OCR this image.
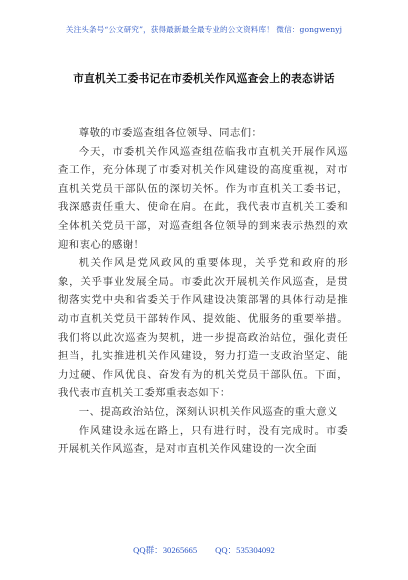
关注头条号“公文研究”，获得最新最全最专业的公文资料库！ 微信：gongwenyj
市直机关工委书记在市委机关作风巡查会上的表态讲话

尊敬的市委巡查组各位领导、同志们：

今天，市委机关作风巡查组莅临我市直机关开展作风巡查工作，充分体现了市委对机关作风建设的高度重视，对市直机关党员干部队伍的深切关怀。作为市直机关工委书记，我深感责任重大、使命在肩。在此，我代表市直机关工委和全体机关党员干部，对巡查组各位领导的到来表示热烈的欢迎和衷心的感谢！

机关作风是党风政风的重要体现，关乎党和政府的形象，关乎事业发展全局。市委此次开展机关作风巡查，是贯彻落实党中央和省委关于作风建设决策部署的具体行动是推动市直机关党员干部转作风、提效能、优服务的重要举措。我们将以此次巡查为契机，进一步提高政治站位，强化责任担当，扎实推进机关作风建设，努力打造一支政治坚定、能力过硬、作风优良、奋发有为的机关党员干部队伍。下面，我代表市直机关工委郑重表态如下：

一、提高政治站位，深刻认识机关作风巡查的重大意义

作风建设永远在路上，只有进行时，没有完成时。市委开展机关作风巡查，是对市直机关作风建设的一次全面

QQ群：30265665 QQ：535304092
